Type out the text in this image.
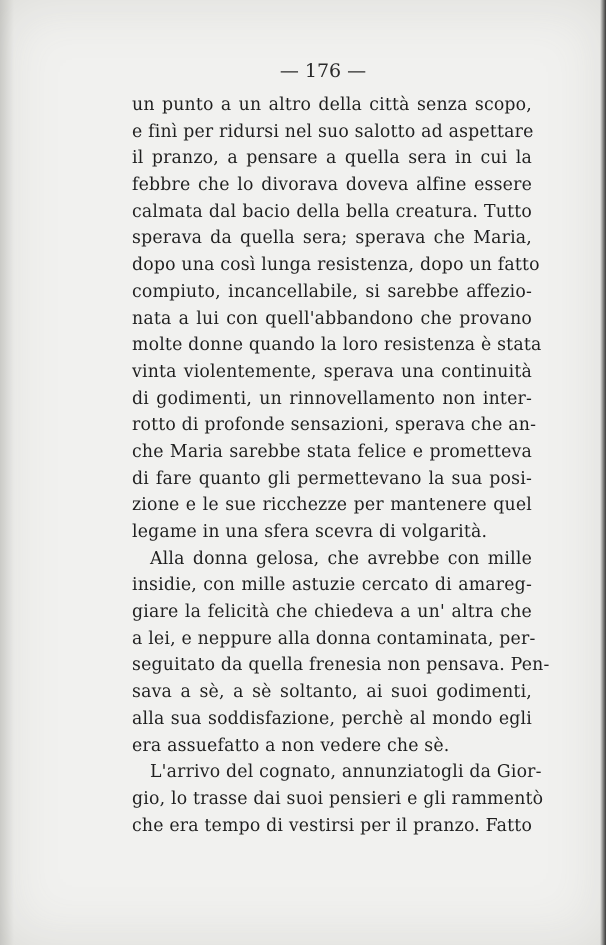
— 176 —

un punto a un altro della città senza scopo,
e finì per ridursi nel suo salotto ad aspettare
il pranzo, a pensare a quella sera in cui la
febbre che lo divorava doveva alfine essere
calmata dal bacio della bella creatura. Tutto
sperava da quella sera; sperava che Maria,
dopo una così lunga resistenza, dopo un fatto
compiuto, incancellabile, si sarebbe affezio-
nata a lui con quell'abbandono che provano
molte donne quando la loro resistenza è stata
vinta violentemente, sperava una continuità
di godimenti, un rinnovellamento non inter-
rotto di profonde sensazioni, sperava che an-
che Maria sarebbe stata felice e prometteva
di fare quanto gli permettevano la sua posi-
zione e le sue ricchezze per mantenere quel
legame in una sfera scevra di volgarità.
Alla donna gelosa, che avrebbe con mille
insidie, con mille astuzie cercato di amareg-
giare la felicità che chiedeva a un' altra che
a lei, e neppure alla donna contaminata, per-
seguitato da quella frenesia non pensava. Pen-
sava a sè, a sè soltanto, ai suoi godimenti,
alla sua soddisfazione, perchè al mondo egli
era assuefatto a non vedere che sè.
L'arrivo del cognato, annunziatogli da Gior-
gio, lo trasse dai suoi pensieri e gli rammentò
che era tempo di vestirsi per il pranzo. Fatto
